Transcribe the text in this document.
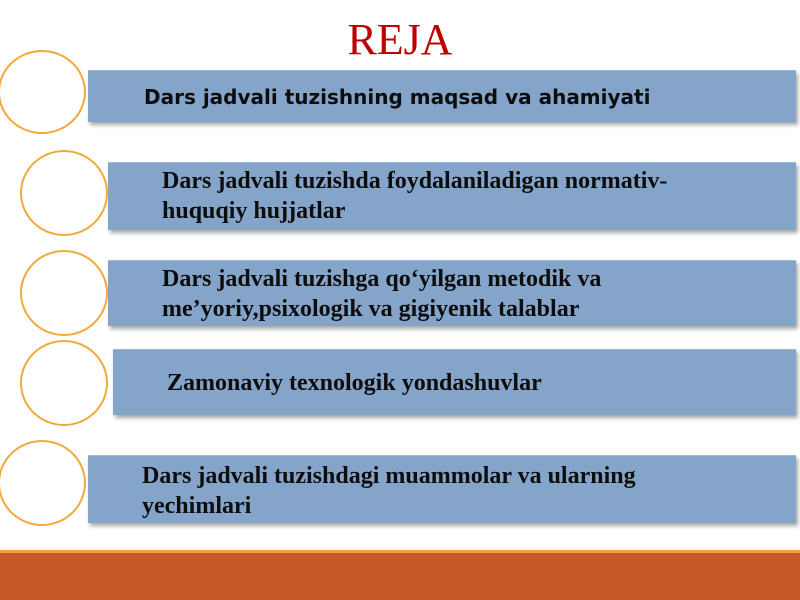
REJA
Dars jadvali tuzishning maqsad va ahamiyati
Dars jadvali tuzishda foydalaniladigan normativ-
huquqiy hujjatlar
Dars jadvali tuzishga qo‘yilgan metodik va
me’yoriy,psixologik va gigiyenik talablar
Zamonaviy texnologik yondashuvlar
Dars jadvali tuzishdagi muammolar va ularning
yechimlari
